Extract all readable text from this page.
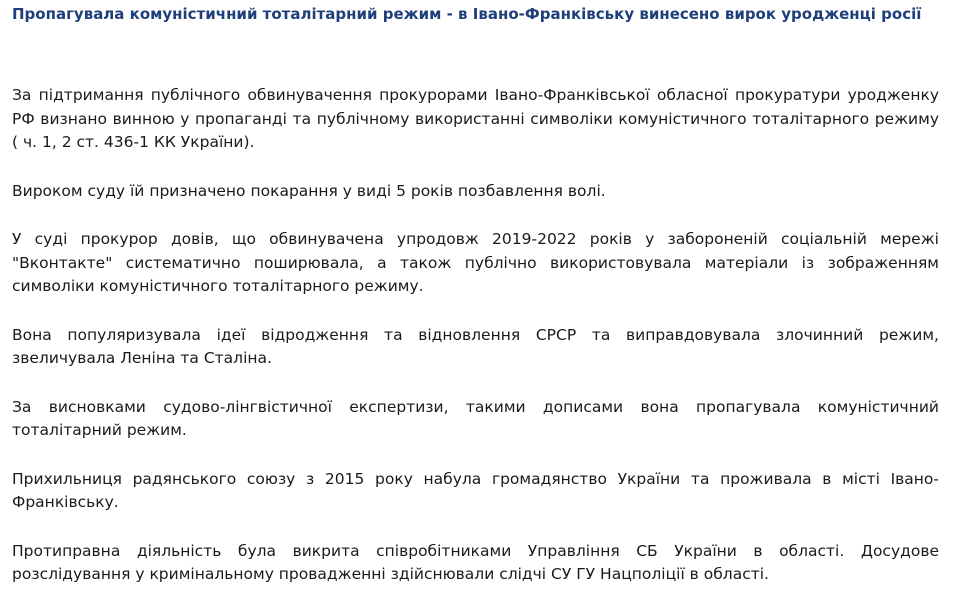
Пропагувала комуністичний тоталітарний режим - в Івано-Франківську винесено вирок уродженці росії

За підтримання публічного обвинувачення прокурорами Івано-Франківської обласної прокуратури уродженку РФ визнано винною у пропаганді та публічному використанні символіки комуністичного тоталітарного режиму ( ч. 1, 2 ст. 436-1 КК України).

Вироком суду їй призначено покарання у виді 5 років позбавлення волі.

У суді прокурор довів, що обвинувачена упродовж 2019-2022 років у забороненій соціальній мережі "Вконтакте" систематично поширювала, а також публічно використовувала матеріали із зображенням символіки комуністичного тоталітарного режиму.

Вона популяризувала ідеї відродження та відновлення СРСР та виправдовувала злочинний режим, звеличувала Леніна та Сталіна.

За висновками судово-лінгвістичної експертизи, такими дописами вона пропагувала комуністичний тоталітарний режим.

Прихильниця радянського союзу з 2015 року набула громадянство України та проживала в місті Івано-Франківську.

Протиправна діяльність була викрита співробітниками Управління СБ України в області. Досудове розслідування у кримінальному провадженні здійснювали слідчі СУ ГУ Нацполіції в області.
